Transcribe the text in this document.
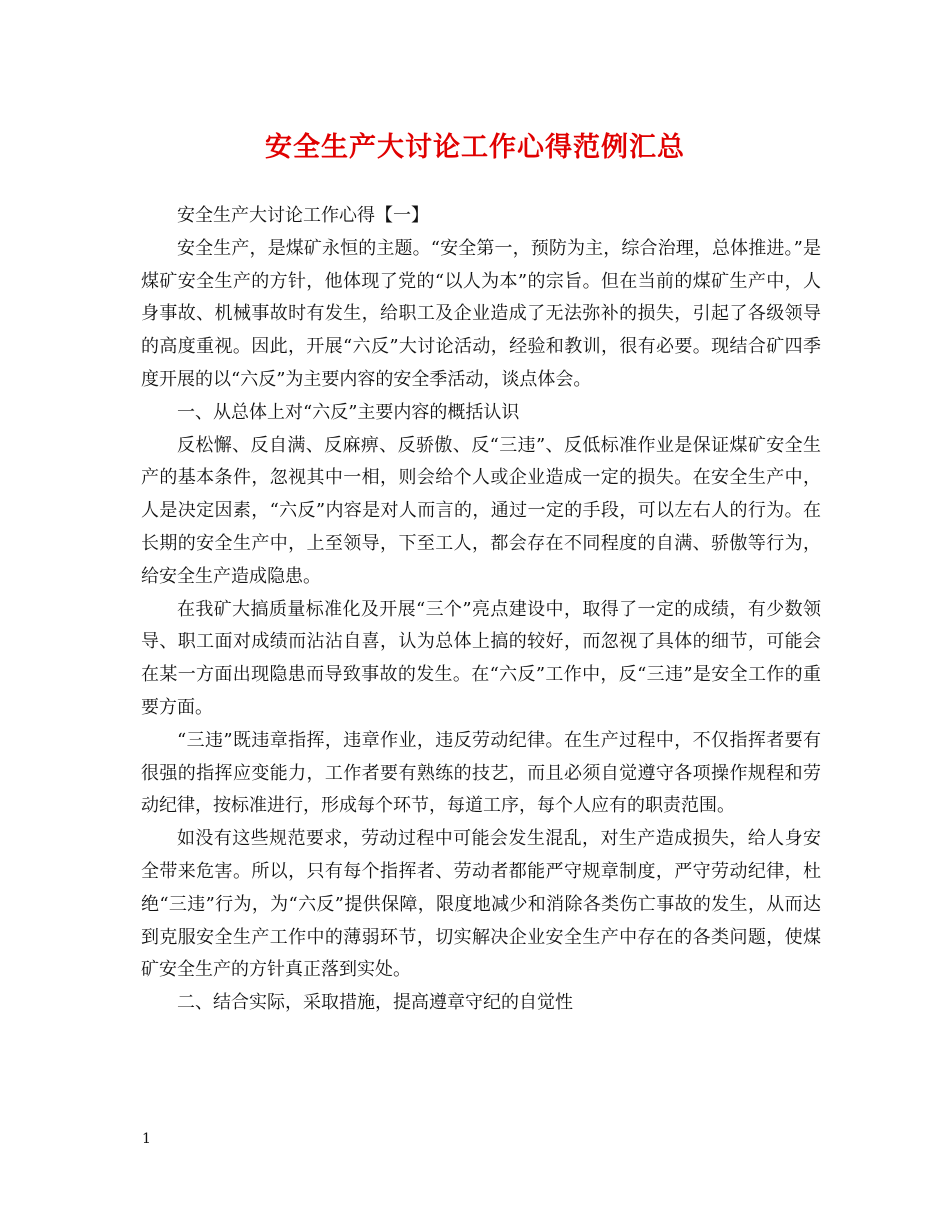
安全生产大讨论工作心得范例汇总

安全生产大讨论工作心得【一】

安全生产，是煤矿永恒的主题。“安全第一，预防为主，综合治理，总体推进。”是煤矿安全生产的方针，他体现了党的“以人为本”的宗旨。但在当前的煤矿生产中，人身事故、机械事故时有发生，给职工及企业造成了无法弥补的损失，引起了各级领导的高度重视。因此，开展“六反”大讨论活动，经验和教训，很有必要。现结合矿四季度开展的以“六反”为主要内容的安全季活动，谈点体会。

一、从总体上对“六反”主要内容的概括认识

反松懈、反自满、反麻痹、反骄傲、反“三违”、反低标准作业是保证煤矿安全生产的基本条件，忽视其中一相，则会给个人或企业造成一定的损失。在安全生产中，人是决定因素，“六反”内容是对人而言的，通过一定的手段，可以左右人的行为。在长期的安全生产中，上至领导，下至工人，都会存在不同程度的自满、骄傲等行为，给安全生产造成隐患。

在我矿大搞质量标准化及开展“三个”亮点建设中，取得了一定的成绩，有少数领导、职工面对成绩而沾沾自喜，认为总体上搞的较好，而忽视了具体的细节，可能会在某一方面出现隐患而导致事故的发生。在“六反”工作中，反“三违”是安全工作的重要方面。

“三违”既违章指挥，违章作业，违反劳动纪律。在生产过程中，不仅指挥者要有很强的指挥应变能力，工作者要有熟练的技艺，而且必须自觉遵守各项操作规程和劳动纪律，按标准进行，形成每个环节，每道工序，每个人应有的职责范围。

如没有这些规范要求，劳动过程中可能会发生混乱，对生产造成损失，给人身安全带来危害。所以，只有每个指挥者、劳动者都能严守规章制度，严守劳动纪律，杜绝“三违”行为，为“六反”提供保障，限度地减少和消除各类伤亡事故的发生，从而达到克服安全生产工作中的薄弱环节，切实解决企业安全生产中存在的各类问题，使煤矿安全生产的方针真正落到实处。

二、结合实际，采取措施，提高遵章守纪的自觉性

1
